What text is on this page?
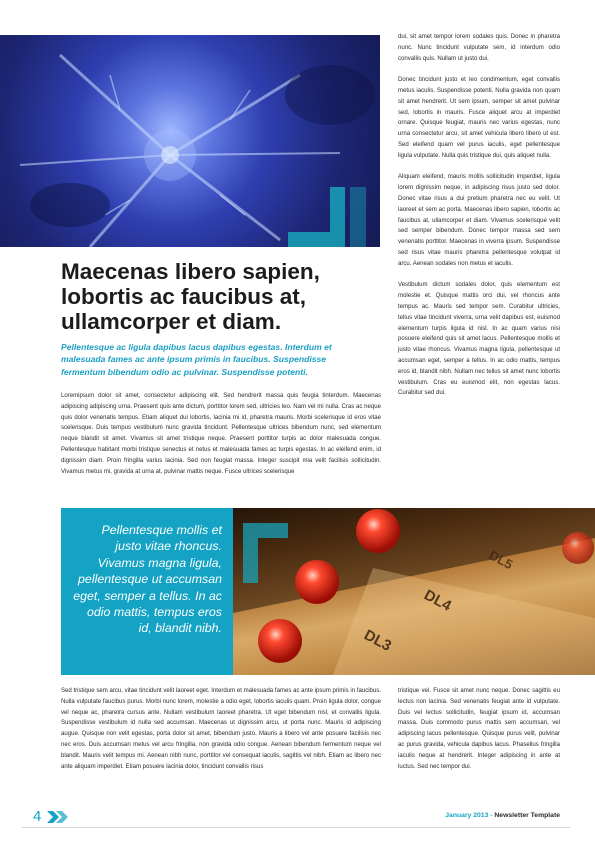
Maecenas libero sapien, lobortis ac faucibus at, ullamcorper et diam.

Pellentesque ac ligula dapibus lacus dapibus egestas. Interdum et malesuada fames ac ante ipsum primis in faucibus. Suspendisse fermentum bibendum odio ac pulvinar. Suspendisse potenti.

Loremipsum dolor sit amet, consectetur adipiscing elit. Sed hendrerit massa quis feugia tinterdum. Maecenas adipiscing adipiscing urna. Praesent quis ante dictum, porttitor lorem sed, ultricies leo. Nam vel mi nulla. Cras ac neque quis dolor venenatis tempus. Etiam aliquet dui lobortis, lacinia mi id, pharetra mauris. Morbi scelerisque id eros vitae scelerisque. Duis tempus vestibulum nunc gravida tincidunt. Pellentesque ultrices bibendum nunc, sed elementum neque blandit sit amet. Vivamus sit amet tristique neque. Praesent porttitor turpis ac dolor malesuada congue. Pellentesque habitant morbi tristique senectus et netus et malesuada fames ac turpis egestas. In ac eleifend enim, id dignissim diam. Proin fringilla varius lacinia. Sed non feugiat massa. Integer suscipit mia velit facilisis sollicitudin. Vivamus metus mi, gravida at urna at, pulvinar mattis neque. Fusce ultrices scelerisque

dui, sit amet tempor lorem sodales quis. Donec in pharetra nunc. Nunc tincidunt vulputate sem, id interdum odio convallis quis. Nullam ut justo dui.

Donec tincidunt justo et leo condimentum, eget convallis metus iaculis. Suspendisse potenti. Nulla gravida non quam sit amet hendrerit. Ut sem ipsum, semper sit amet pulvinar sed, lobortis in mauris. Fusce aliquet arcu at imperdiet ornare. Quisque feugiat, mauris nec varius egestas, nunc urna consectetur arcu, sit amet vehicula libero libero ut est. Sed eleifend quam vel purus iaculis, eget pellentesque ligula vulputate. Nulla quis tristique dui, quis aliquet nulla.

Aliquam eleifend, mauris mollis sollicitudin imperdiet, ligula lorem dignissim neque, in adipiscing risus justo sed dolor. Donec vitae risus a dui pretium pharetra nec eu velit. Ut laoreet et sem ac porta. Maecenas libero sapien, lobortis ac faucibus at, ullamcorper et diam. Vivamus scelerisque velit sed semper bibendum. Donec tempor massa sed sem venenatis porttitor. Maecenas in viverra ipsum. Suspendisse sed risus vitae mauris pharetra pellentesque volutpat id arcu. Aenean sodales non metus et iaculis.

Vestibulum dictum sodales dolor, quis elementum est molestie et. Quisque mattis orci dui, vel rhoncus ante tempus ac. Mauris sed tempor sem. Curabitur ultricies, tellus vitae tincidunt viverra, urna velit dapibus est, euismod elementum turpis ligula id nisl. In ac quam varius nisi posuere eleifend quis sit amet lacus. Pellentesque mollis et justo vitae rhoncus. Vivamus magna ligula, pellentesque ut accumsan eget, semper a tellus. In ac odio mattis, tempus eros id, blandit nibh. Nullam nec tellus sit amet nunc lobortis vestibulum. Cras eu euismod elit, non egestas lacus. Curabitur sed dui.

Pellentesque mollis et justo vitae rhoncus. Vivamus magna ligula, pellentesque ut accumsan eget, semper a tellus. In ac odio mattis, tempus eros id, blandit nibh.

DL5
DL4
DL3

Sed tristique sem arcu, vitae tincidunt velit laoreet eget. Interdum et malesuada fames ac ante ipsum primis in faucibus. Nulla vulputate faucibus purus. Morbi nunc lorem, molestie a odio eget, lobortis iaculis quam. Proin ligula dolor, congue vel neque ac, pharetra cursus ante. Nullam vestibulum laoreet pharetra. Ut eget bibendum nisl, et convallis ligula. Suspendisse vestibulum id nulla sed accumsan. Maecenas ut dignissim arcu, ut porta nunc. Mauris id adipiscing augue. Quisque non velit egestas, porta dolor sit amet, bibendum justo. Mauris a libero vel ante posuere facilisis nec nec eros. Duis accumsan metus vel arcu fringilla, non gravida odio congue. Aenean bibendum fermentum neque vel blandit. Mauris velit tempus mi. Aenean nibh nunc, porttitor vel consequat iaculis, sagittis vel nibh. Etiam ac libero nec ante aliquam imperdiet. Etiam posuere lacinia dolor, tincidunt convallis risus

tristique vel. Fusce sit amet nunc neque. Donec sagittis eu lectus non lacinia. Sed venenatis feugiat ante id vulputate. Duis vel lectus sollicitudin, feugiat ipsum id, accumsan massa. Duis commodo purus mattis sem accumsan, vel adipiscing lacus pellentesque. Quisque purus velit, pulvinar ac purus gravida, vehicula dapibus lacus. Phasellus fringilla iaculis neque at hendrerit. Integer adipiscing in ante at luctus. Sed nec tempor dui.

4	January 2013 - Newsletter Template
